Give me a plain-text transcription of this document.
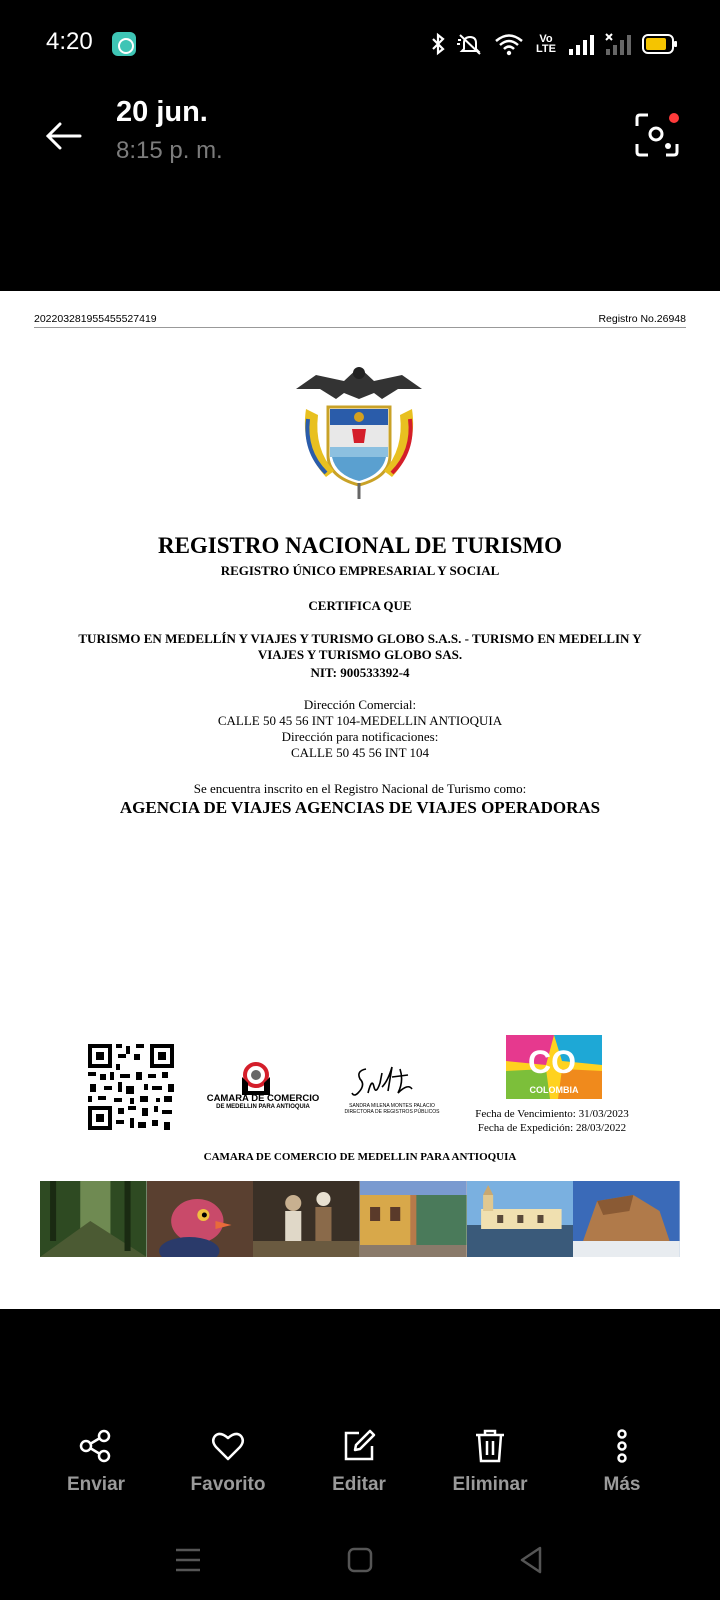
4:20	Vo LTE
20 jun.
8:15 p. m.
20220328195545552741​9	Registro No.26948
REGISTRO NACIONAL DE TURISMO
REGISTRO ÚNICO EMPRESARIAL Y SOCIAL
CERTIFICA QUE
TURISMO EN MEDELLÍN Y VIAJES Y TURISMO GLOBO S.A.S. - TURISMO EN MEDELLIN Y VIAJES Y TURISMO GLOBO SAS.
NIT: 900533392-4
Dirección Comercial:
CALLE 50 45 56 INT 104-MEDELLIN ANTIOQUIA
Dirección para notificaciones:
CALLE 50 45 56 INT 104
Se encuentra inscrito en el Registro Nacional de Turismo como:
AGENCIA DE VIAJES AGENCIAS DE VIAJES OPERADORAS
CAMARA DE COMERCIO
DE MEDELLIN PARA ANTIOQUIA	SANDRA MILENA MONTES PALACIO
DIRECTORA DE REGISTROS PÚBLICOS
CO
COLOMBIA
Fecha de Vencimiento: 31/03/2023
Fecha de Expedición: 28/03/2022
CAMARA DE COMERCIO DE MEDELLIN PARA ANTIOQUIA
Enviar	Favorito	Editar	Eliminar	Más
